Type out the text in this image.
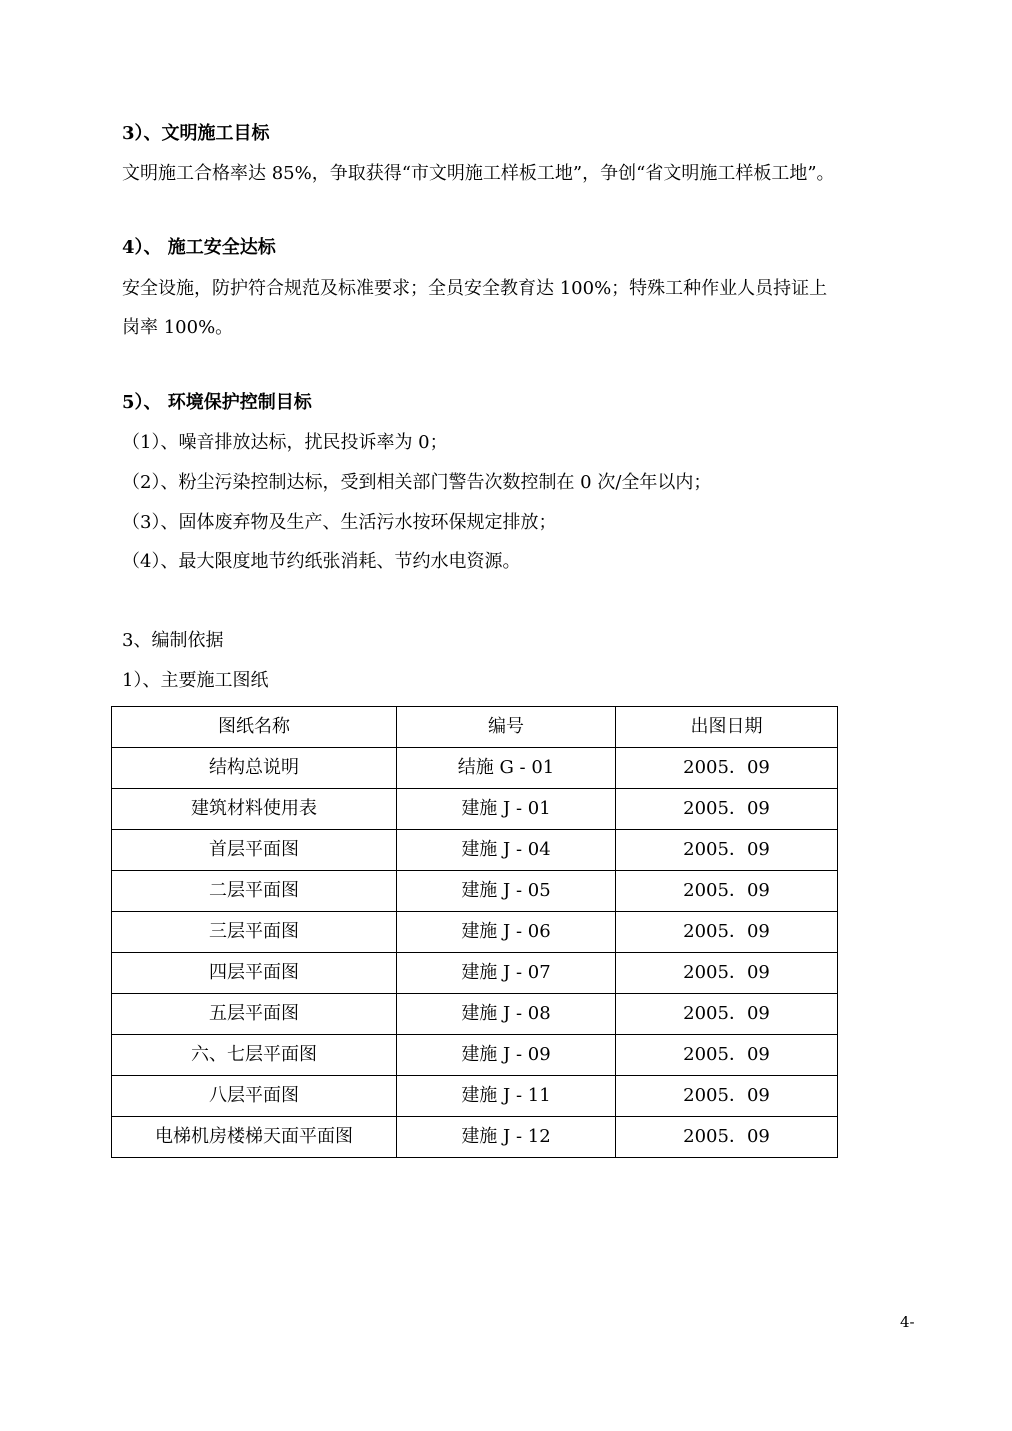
3）、文明施工目标
文明施工合格率达 85%，争取获得“市文明施工样板工地”，争创“省文明施工样板工地”。
4）、 施工安全达标
安全设施，防护符合规范及标准要求；全员安全教育达 100%；特殊工种作业人员持证上
岗率 100%。
5）、 环境保护控制目标
（1）、噪音排放达标，扰民投诉率为 0；
（2）、粉尘污染控制达标，受到相关部门警告次数控制在 0 次/全年以内；
（3）、固体废弃物及生产、生活污水按环保规定排放；
（4）、最大限度地节约纸张消耗、节约水电资源。
3、编制依据
1）、主要施工图纸
图纸名称	编号	出图日期
结构总说明	结施 G - 01	2005．09
建筑材料使用表	建施 J - 01	2005．09
首层平面图	建施 J - 04	2005．09
二层平面图	建施 J - 05	2005．09
三层平面图	建施 J - 06	2005．09
四层平面图	建施 J - 07	2005．09
五层平面图	建施 J - 08	2005．09
六、七层平面图	建施 J - 09	2005．09
八层平面图	建施 J - 11	2005．09
电梯机房楼梯天面平面图	建施 J - 12	2005．09
4-
